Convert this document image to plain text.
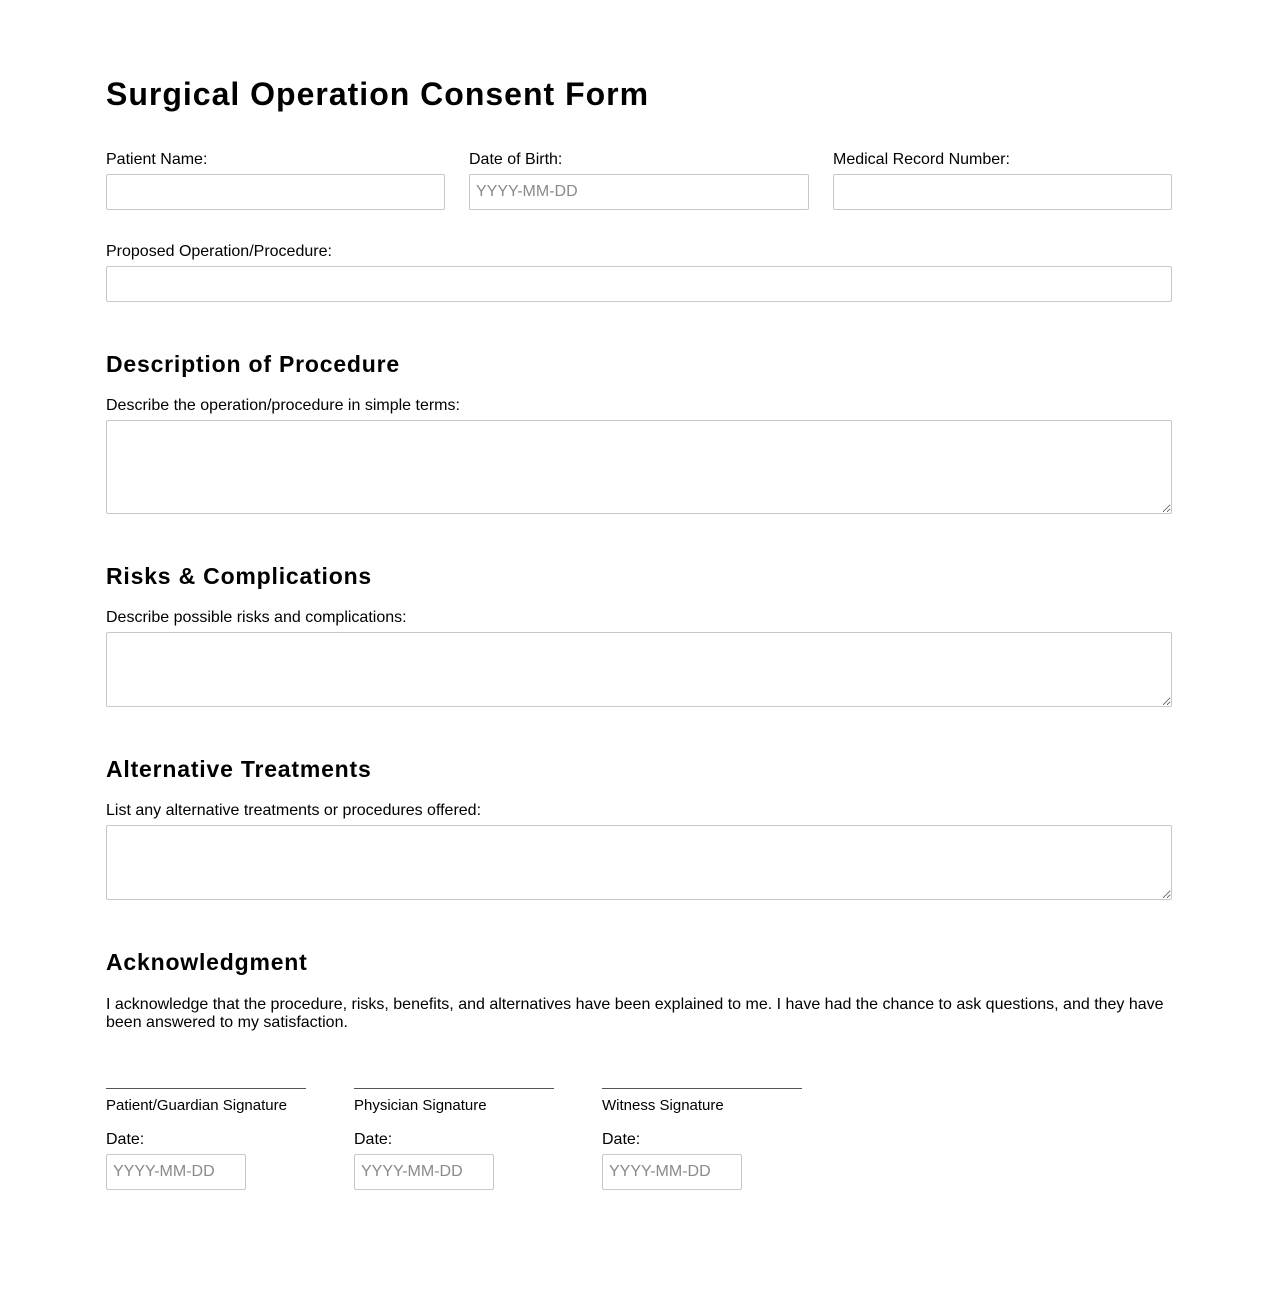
Surgical Operation Consent Form
Patient Name:	Date of Birth:
YYYY-MM-DD	Medical Record Number:
Proposed Operation/Procedure:
Description of Procedure
Describe the operation/procedure in simple terms:
Risks & Complications
Describe possible risks and complications:
Alternative Treatments
List any alternative treatments or procedures offered:
Acknowledgment
I acknowledge that the procedure, risks, benefits, and alternatives have been explained to me. I have had the chance to ask questions, and they have been answered to my satisfaction.
Patient/Guardian Signature
Date:
YYYY-MM-DD
Physician Signature
Date:
YYYY-MM-DD
Witness Signature
Date:
YYYY-MM-DD
